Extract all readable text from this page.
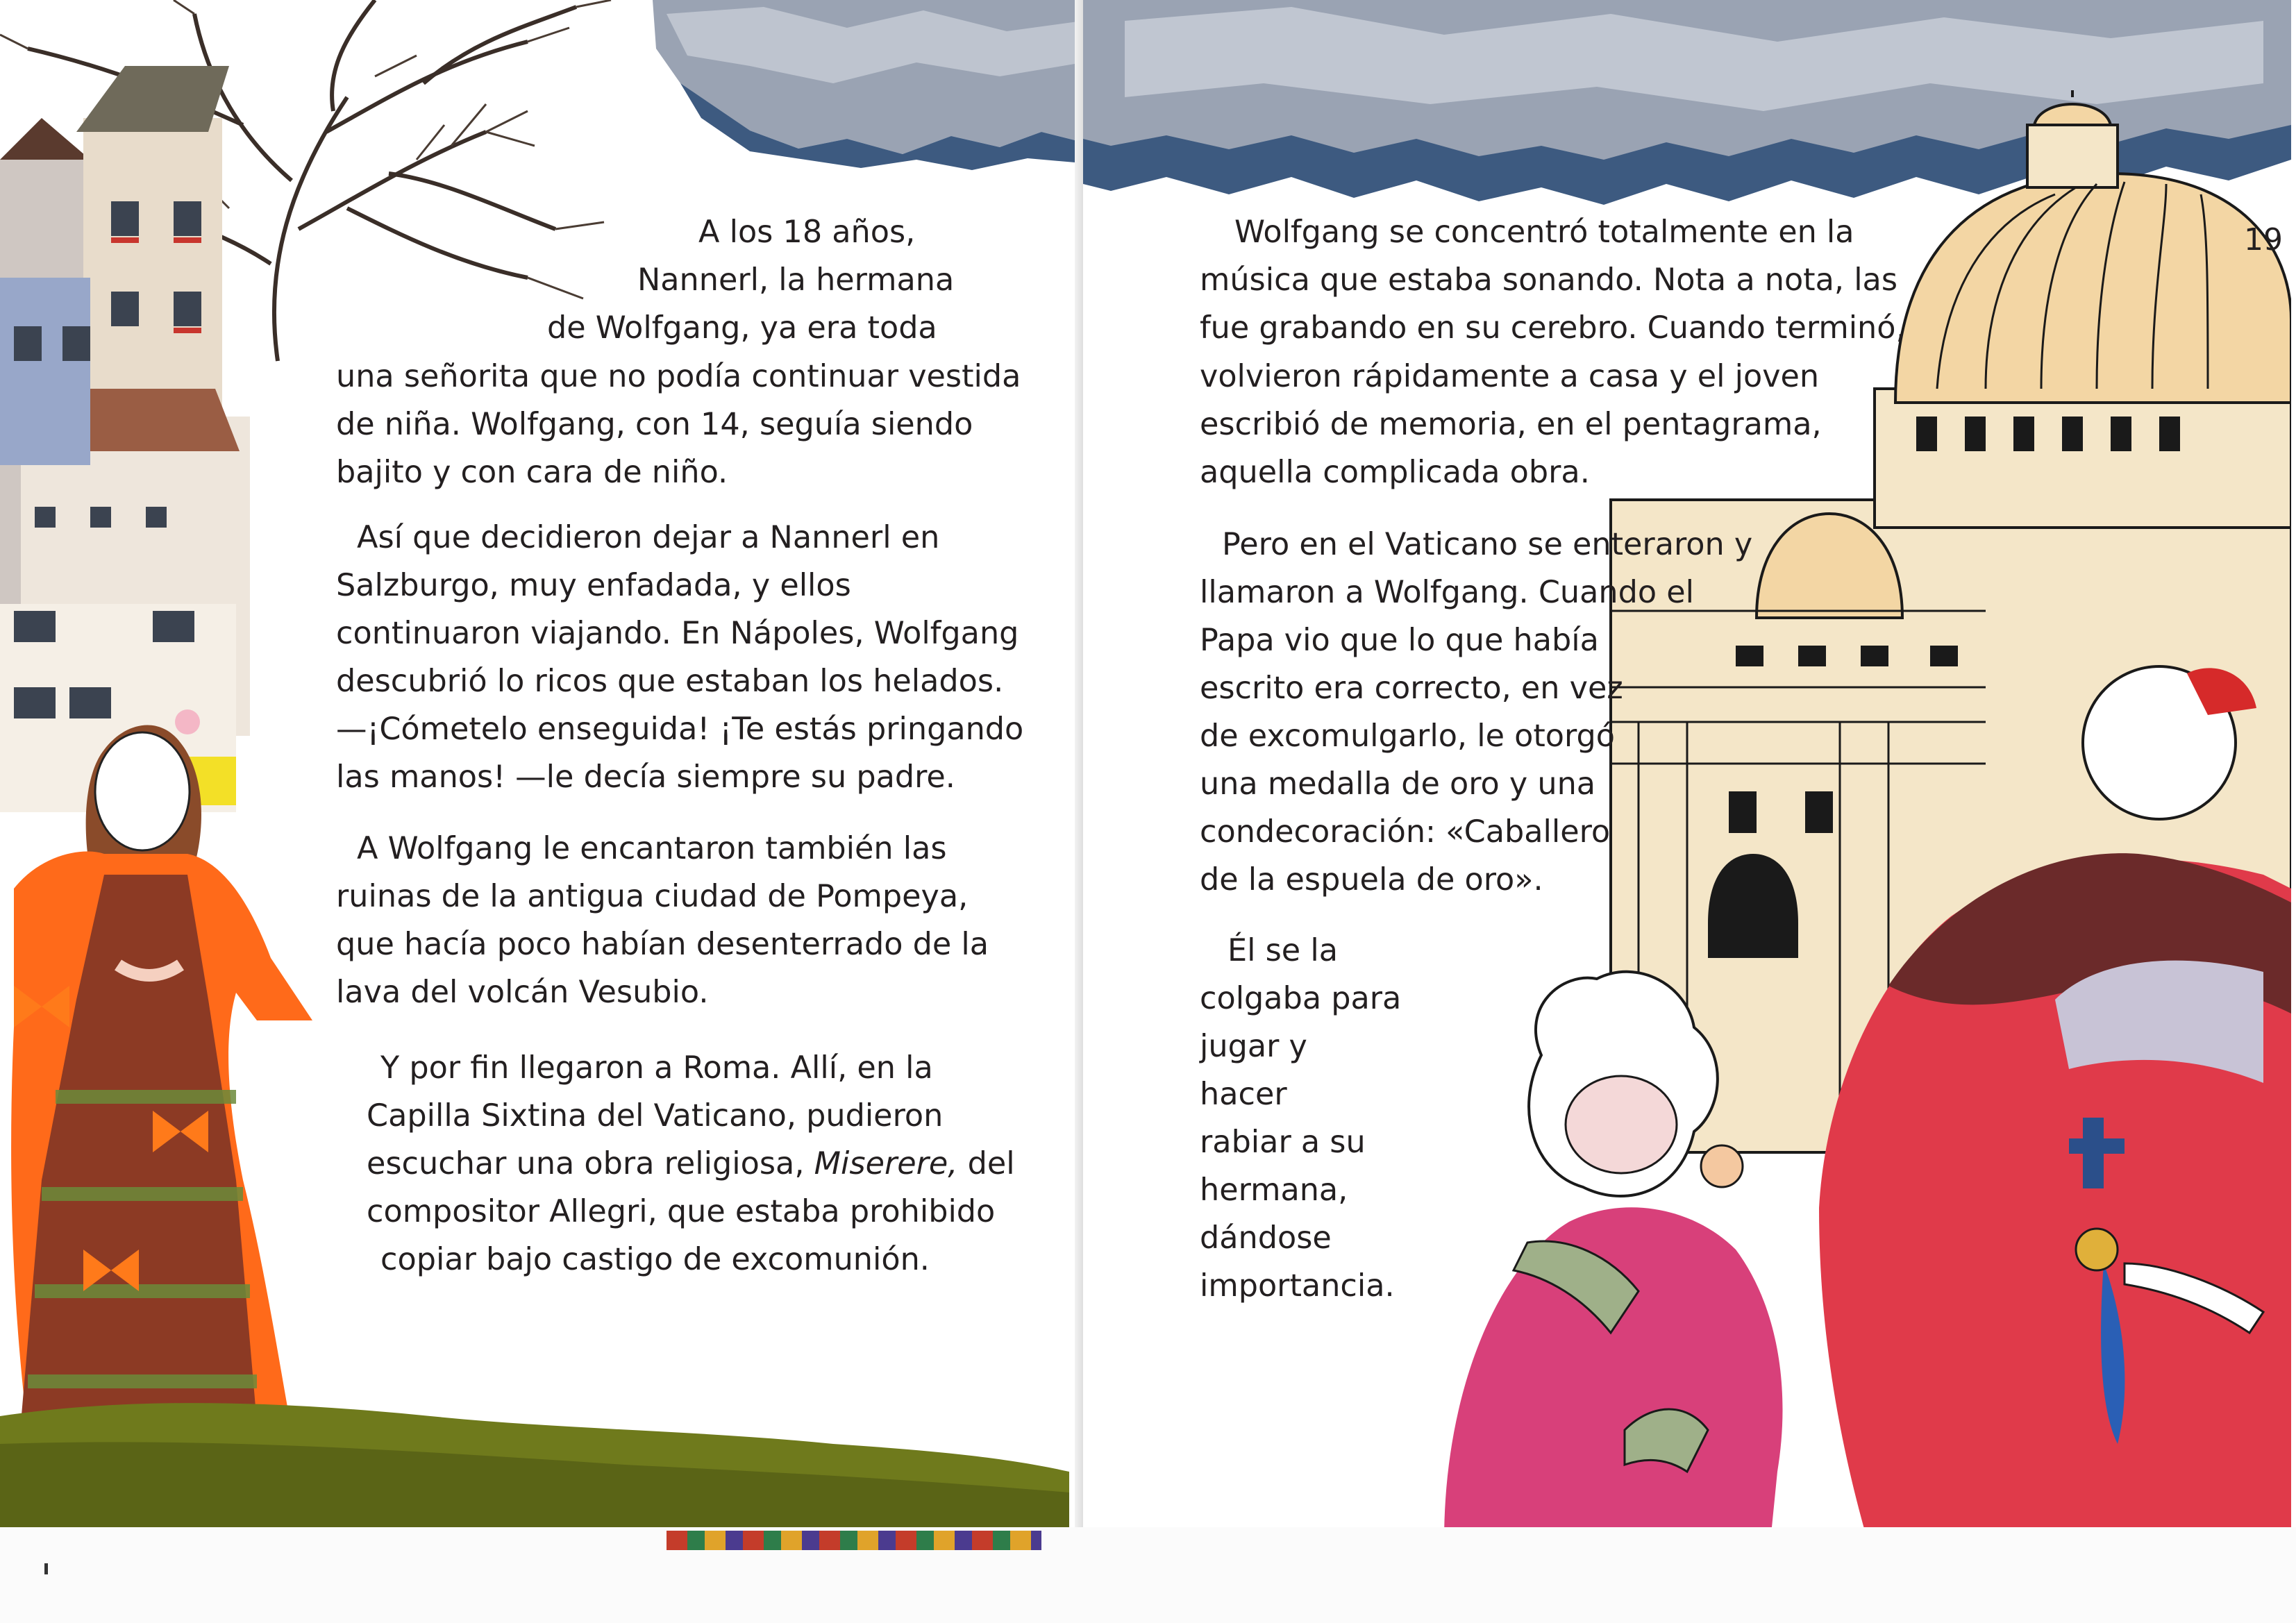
A los 18 años,
Nannerl, la hermana
de Wolfgang, ya era toda
una señorita que no podía continuar vestida
de niña. Wolfgang, con 14, seguía siendo
bajito y con cara de niño.
Así que decidieron dejar a Nannerl en
Salzburgo, muy enfadada, y ellos
continuaron viajando. En Nápoles, Wolfgang
descubrió lo ricos que estaban los helados.
—¡Cómetelo enseguida! ¡Te estás pringando
las manos! —le decía siempre su padre.
A Wolfgang le encantaron también las
ruinas de la antigua ciudad de Pompeya,
que hacía poco habían desenterrado de la
lava del volcán Vesubio.
Y por fin llegaron a Roma. Allí, en la
Capilla Sixtina del Vaticano, pudieron
escuchar una obra religiosa, Miserere, del
compositor Allegri, que estaba prohibido
copiar bajo castigo de excomunión.
19
Wolfgang se concentró totalmente en la
música que estaba sonando. Nota a nota, las
fue grabando en su cerebro. Cuando terminó,
volvieron rápidamente a casa y el joven
escribió de memoria, en el pentagrama,
aquella complicada obra.
Pero en el Vaticano se enteraron y
llamaron a Wolfgang. Cuando el
Papa vio que lo que había
escrito era correcto, en vez
de excomulgarlo, le otorgó
una medalla de oro y una
condecoración: «Caballero
de la espuela de oro».
Él se la
colgaba para
jugar y
hacer
rabiar a su
hermana,
dándose
importancia.
